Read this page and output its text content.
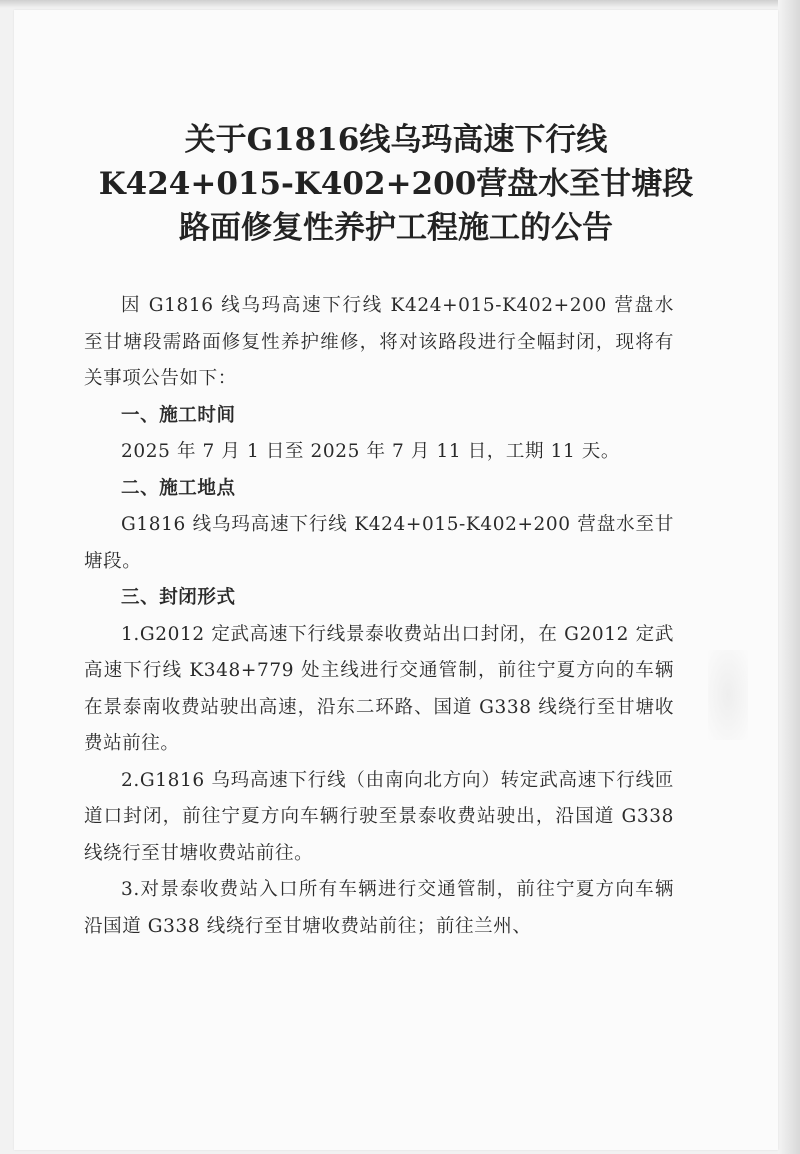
关于G1816线乌玛高速下行线
K424+015-K402+200营盘水至甘塘段
路面修复性养护工程施工的公告

因 G1816 线乌玛高速下行线 K424+015-K402+200 营盘水至甘塘段需路面修复性养护维修，将对该路段进行全幅封闭，现将有关事项公告如下：

一、施工时间

2025 年 7 月 1 日至 2025 年 7 月 11 日，工期 11 天。

二、施工地点

G1816 线乌玛高速下行线 K424+015-K402+200 营盘水至甘塘段。

三、封闭形式

1.G2012 定武高速下行线景泰收费站出口封闭，在 G2012 定武高速下行线 K348+779 处主线进行交通管制，前往宁夏方向的车辆在景泰南收费站驶出高速，沿东二环路、国道 G338 线绕行至甘塘收费站前往。

2.G1816 乌玛高速下行线（由南向北方向）转定武高速下行线匝道口封闭，前往宁夏方向车辆行驶至景泰收费站驶出，沿国道 G338 线绕行至甘塘收费站前往。

3.对景泰收费站入口所有车辆进行交通管制，前往宁夏方向车辆沿国道 G338 线绕行至甘塘收费站前往；前往兰州、
